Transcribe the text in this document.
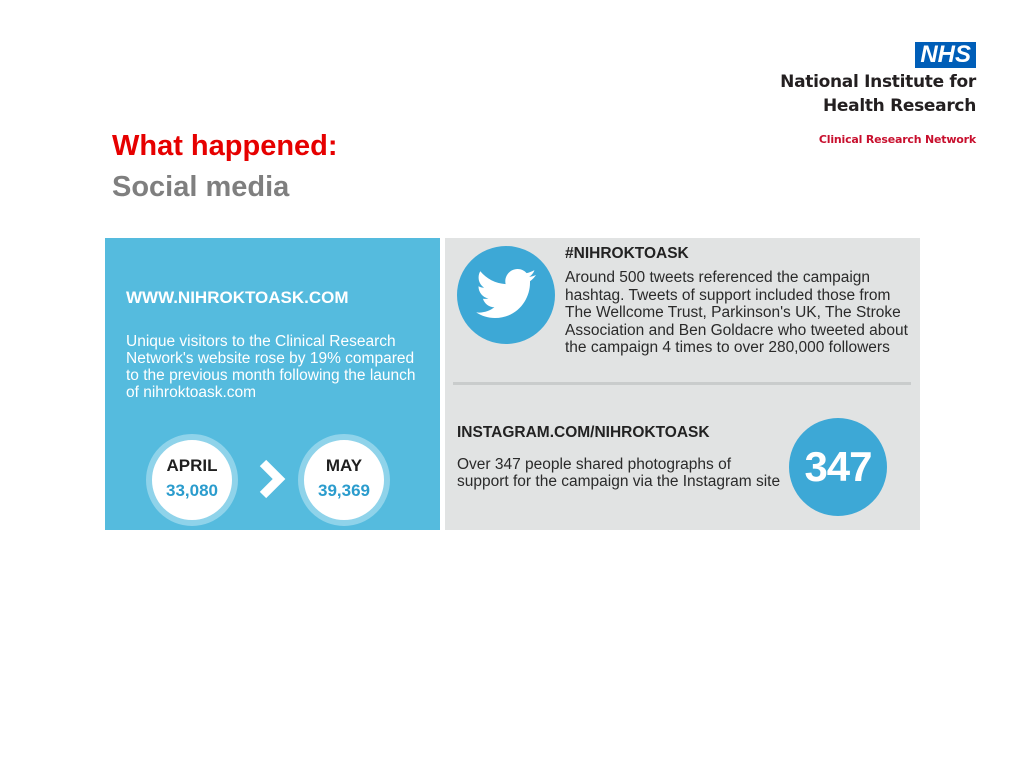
NHS
National Institute for
Health Research
Clinical Research Network
What happened:
Social media
WWW.NIHROKTOASK.COM
Unique visitors to the Clinical Research Network's website rose by 19% compared to the previous month following the launch of nihroktoask.com
APRIL
33,080
MAY
39,369
#NIHROKTOASK
Around 500 tweets referenced the campaign hashtag. Tweets of support included those from The Wellcome Trust, Parkinson's UK, The Stroke Association and Ben Goldacre who tweeted about the campaign 4 times to over 280,000 followers
INSTAGRAM.COM/NIHROKTOASK
Over 347 people shared photographs of support for the campaign via the Instagram site 347
